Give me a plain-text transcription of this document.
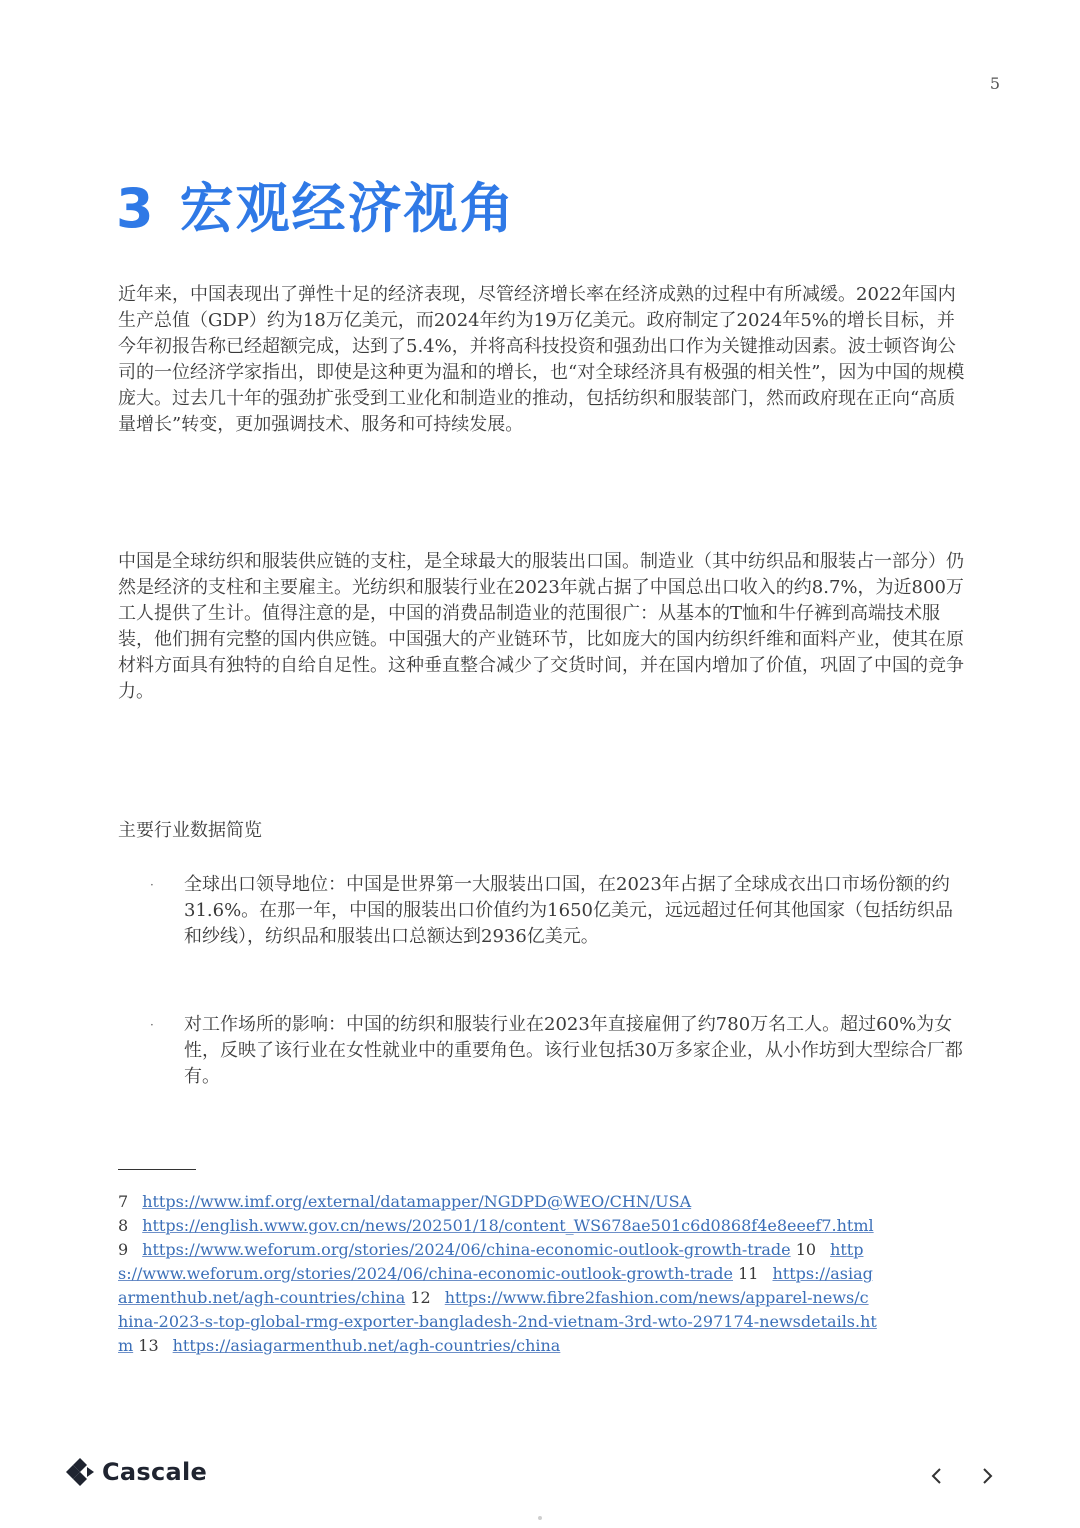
5
3 宏观经济视角

近年来，中国表现出了弹性十足的经济表现，尽管经济增长率在经济成熟的过程中有所减缓。2022年国内生产总值（GDP）约为18万亿美元，而2024年约为19万亿美元。政府制定了2024年5%的增长目标，并今年初报告称已经超额完成，达到了5.4%，并将高科技投资和强劲出口作为关键推动因素。波士顿咨询公司的一位经济学家指出，即使是这种更为温和的增长，也“对全球经济具有极强的相关性”，因为中国的规模庞大。过去几十年的强劲扩张受到工业化和制造业的推动，包括纺织和服装部门，然而政府现在正向“高质量增长”转变，更加强调技术、服务和可持续发展。

中国是全球纺织和服装供应链的支柱，是全球最大的服装出口国。制造业（其中纺织品和服装占一部分）仍然是经济的支柱和主要雇主。光纺织和服装行业在2023年就占据了中国总出口收入的约8.7%，为近800万工人提供了生计。值得注意的是，中国的消费品制造业的范围很广：从基本的T恤和牛仔裤到高端技术服装，他们拥有完整的国内供应链。中国强大的产业链环节，比如庞大的国内纺织纤维和面料产业，使其在原材料方面具有独特的自给自足性。这种垂直整合减少了交货时间，并在国内增加了价值，巩固了中国的竞争力。

主要行业数据简览

·	全球出口领导地位：中国是世界第一大服装出口国，在2023年占据了全球成衣出口市场份额的约31.6%。在那一年，中国的服装出口价值约为1650亿美元，远远超过任何其他国家（包括纺织品和纱线），纺织品和服装出口总额达到2936亿美元。
·	对工作场所的影响：中国的纺织和服装行业在2023年直接雇佣了约780万名工人。超过60%为女性，反映了该行业在女性就业中的重要角色。该行业包括30万多家企业，从小作坊到大型综合厂都有。
7 https://www.imf.org/external/datamapper/NGDPD@WEO/CHN/USA
8 https://english.www.gov.cn/news/202501/18/content_WS678ae501c6d0868f4e8eeef7.html 9 https://www.weforum.org/stories/2024/06/china-economic-outlook-growth-trade 10 https://www.weforum.org/stories/2024/06/china-economic-outlook-growth-trade 11 https://asiagarmenthub.net/agh-countries/china 12 https://www.fibre2fashion.com/news/apparel-news/china-2023-s-top-global-rmg-exporter-bangladesh-2nd-vietnam-3rd-wto-297174-newsdetails.htm 13 https://asiagarmenthub.net/agh-countries/china
Cascale
